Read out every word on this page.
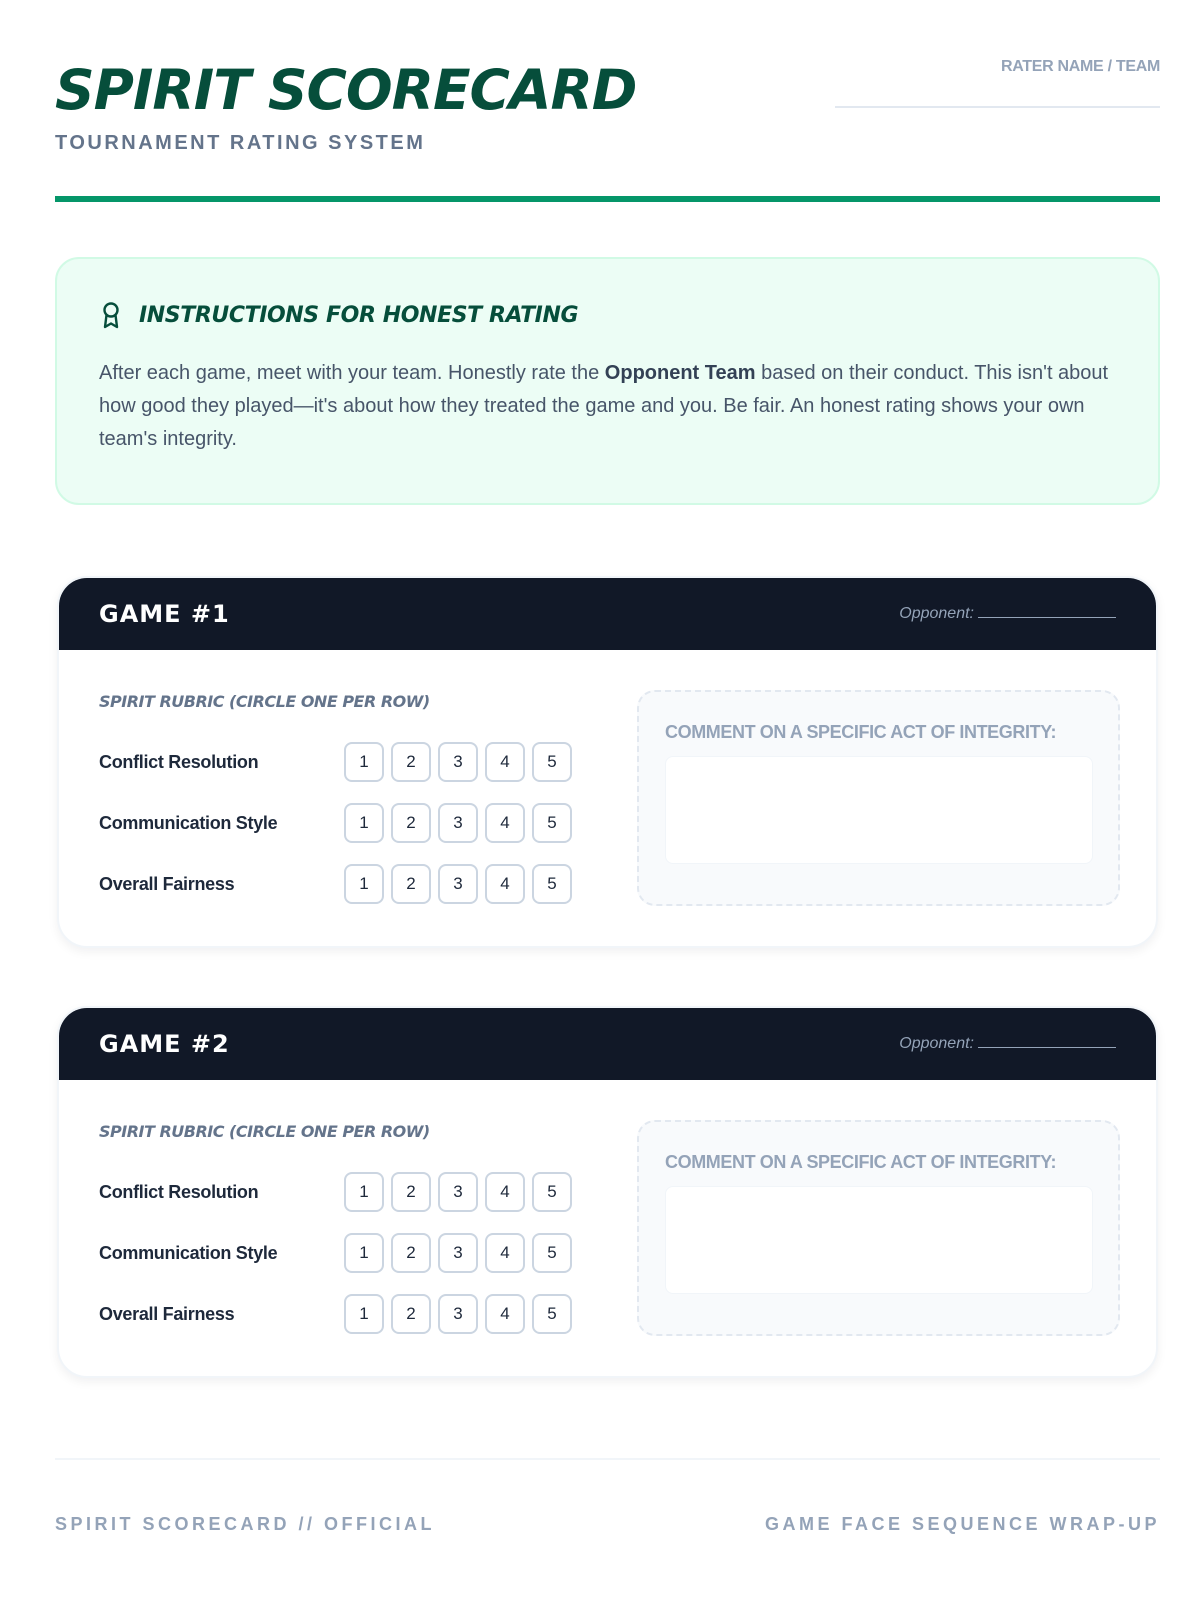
SPIRIT SCORECARD
TOURNAMENT RATING SYSTEM
RATER NAME / TEAM
INSTRUCTIONS FOR HONEST RATING

After each game, meet with your team. Honestly rate the Opponent Team based on their conduct. This isn't about how good they played—it's about how they treated the game and you. Be fair. An honest rating shows your own team's integrity.

GAME #1	Opponent:
SPIRIT RUBRIC (CIRCLE ONE PER ROW)
Conflict Resolution	1	2	3	4	5
Communication Style	1	2	3	4	5
Overall Fairness	1	2	3	4	5
COMMENT ON A SPECIFIC ACT OF INTEGRITY:
GAME #2	Opponent:
SPIRIT RUBRIC (CIRCLE ONE PER ROW)
Conflict Resolution	1	2	3	4	5
Communication Style	1	2	3	4	5
Overall Fairness	1	2	3	4	5
COMMENT ON A SPECIFIC ACT OF INTEGRITY:
SPIRIT SCORECARD // OFFICIAL	GAME FACE SEQUENCE WRAP-UP
